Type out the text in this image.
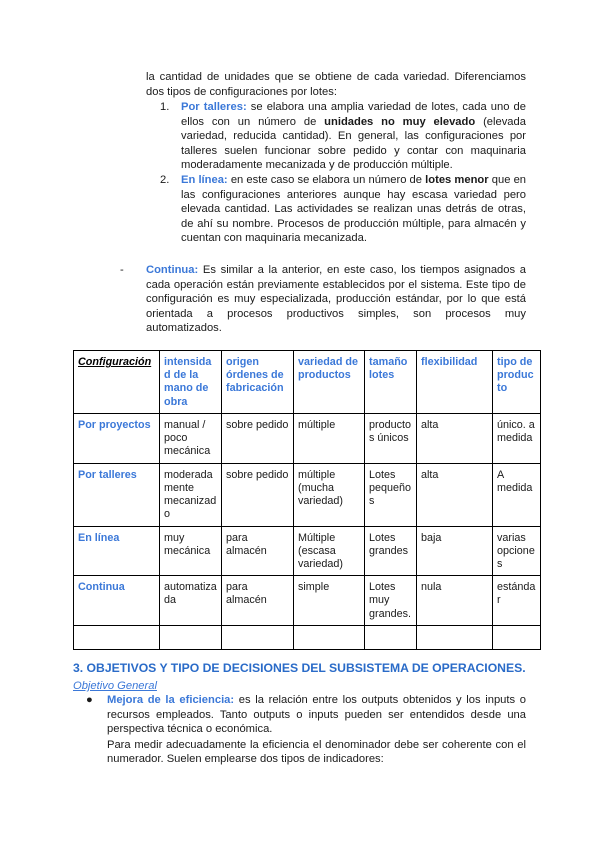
la cantidad de unidades que se obtiene de cada variedad. Diferenciamos dos tipos de configuraciones por lotes:

1. Por talleres: se elabora una amplia variedad de lotes, cada uno de ellos con un número de unidades no muy elevado (elevada variedad, reducida cantidad). En general, las configuraciones por talleres suelen funcionar sobre pedido y contar con maquinaria moderadamente mecanizada y de producción múltiple.
2. En línea: en este caso se elabora un número de lotes menor que en las configuraciones anteriores aunque hay escasa variedad pero elevada cantidad. Las actividades se realizan unas detrás de otras, de ahí su nombre. Procesos de producción múltiple, para almacén y cuentan con maquinaria mecanizada.
- Continua: Es similar a la anterior, en este caso, los tiempos asignados a cada operación están previamente establecidos por el sistema. Este tipo de configuración es muy especializada, producción estándar, por lo que está orientada a procesos productivos simples, son procesos muy automatizados.
Configuración	intensidad de la mano de obra	origen órdenes de fabricación	variedad de productos	tamaño lotes	flexibilidad	tipo de producto
Por proyectos	manual / poco mecánica	sobre pedido	múltiple	productos únicos	alta	único. a medida
Por talleres	moderadamente mecanizado	sobre pedido	múltiple (mucha variedad)	Lotes pequeños	alta	A medida
En línea	muy mecánica	para almacén	Múltiple (escasa variedad)	Lotes grandes	baja	varias opciones
Continua	automatizada	para almacén	simple	Lotes muy grandes.	nula	estándar

3. OBJETIVOS Y TIPO DE DECISIONES DEL SUBSISTEMA DE OPERACIONES.
Objetivo General
● Mejora de la eficiencia: es la relación entre los outputs obtenidos y los inputs o recursos empleados. Tanto outputs o inputs pueden ser entendidos desde una perspectiva técnica o económica.
Para medir adecuadamente la eficiencia el denominador debe ser coherente con el numerador. Suelen emplearse dos tipos de indicadores:
